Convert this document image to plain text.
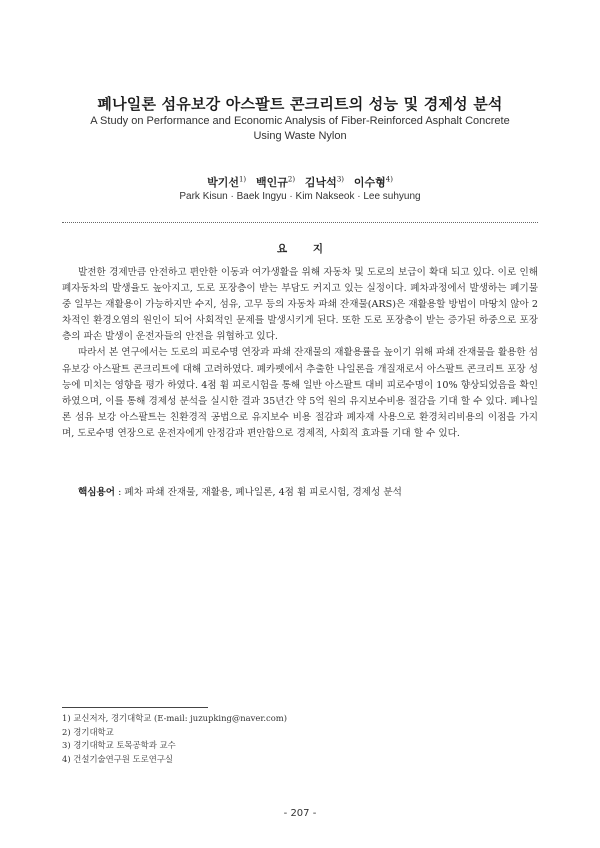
폐나일론 섬유보강 아스팔트 콘크리트의 성능 및 경제성 분석
A Study on Performance and Economic Analysis of Fiber-Reinforced Asphalt Concrete
Using Waste Nylon
박기선$^{1)}$ 백인규$^{2)}$ 김낙석$^{3)}$ 이수형$^{4)}$
Park Kisun · Baek Ingyu · Kim Nakseok · Lee suhyung
요 지

발전한 경제만큼 안전하고 편안한 이동과 여가생활을 위해 자동차 및 도로의 보급이 확대 되고 있다. 이로 인해 폐자동차의 발생율도 높아지고, 도로 포장층이 받는 부담도 커지고 있는 실정이다. 폐차과정에서 발생하는 폐기물 중 일부는 재활용이 가능하지만 수지, 섬유, 고무 등의 자동차 파쇄 잔재물(ARS)은 재활용할 방법이 마땅치 않아 2차적인 환경오염의 원인이 되어 사회적인 문제를 발생시키게 된다. 또한 도로 포장층이 받는 증가된 하중으로 포장층의 파손 발생이 운전자들의 안전을 위협하고 있다.

따라서 본 연구에서는 도로의 피로수명 연장과 파쇄 잔재물의 재활용률을 높이기 위해 파쇄 잔재물을 활용한 섬유보강 아스팔트 콘크리트에 대해 고려하였다. 폐카펫에서 추출한 나일론을 개질재로서 아스팔트 콘크리트 포장 성능에 미치는 영향을 평가 하였다. 4점 휨 피로시험을 통해 일반 아스팔트 대비 피로수명이 10% 향상되었음을 확인 하였으며, 이를 통해 경제성 분석을 실시한 결과 35년간 약 5억 원의 유지보수비용 절감을 기대 할 수 있다. 폐나일론 섬유 보강 아스팔트는 친환경적 공법으로 유지보수 비용 절감과 폐자재 사용으로 환경처리비용의 이점을 가지며, 도로수명 연장으로 운전자에게 안정감과 편안함으로 경제적, 사회적 효과를 기대 할 수 있다.

핵심용어 : 폐차 파쇄 잔재물, 재활용, 폐나일론, 4점 휨 피로시험, 경제성 분석
1) 교신저자, 경기대학교 (E-mail: juzupking@naver.com)
2) 경기대학교
3) 경기대학교 토목공학과 교수
4) 건설기술연구원 도로연구실
- 207 -
